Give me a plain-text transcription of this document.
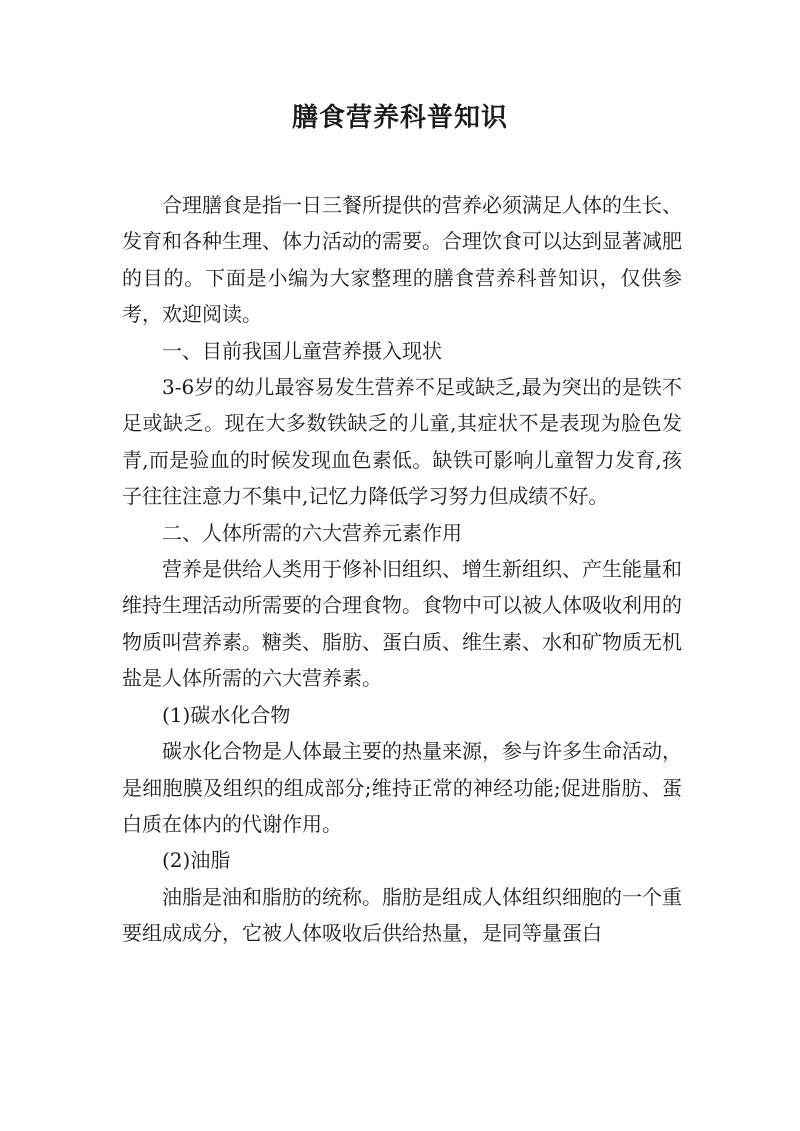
膳食营养科普知识

合理膳食是指一日三餐所提供的营养必须满足人体的生长、发育和各种生理、体力活动的需要。合理饮食可以达到显著减肥的目的。下面是小编为大家整理的膳食营养科普知识，仅供参考，欢迎阅读。

一、目前我国儿童营养摄入现状

3-6岁的幼儿最容易发生营养不足或缺乏,最为突出的是铁不足或缺乏。现在大多数铁缺乏的儿童,其症状不是表现为脸色发青,而是验血的时候发现血色素低。缺铁可影响儿童智力发育,孩子往往注意力不集中,记忆力降低学习努力但成绩不好。

二、人体所需的六大营养元素作用

营养是供给人类用于修补旧组织、增生新组织、产生能量和维持生理活动所需要的合理食物。食物中可以被人体吸收利用的物质叫营养素。糖类、脂肪、蛋白质、维生素、水和矿物质无机盐是人体所需的六大营养素。

(1)碳水化合物

碳水化合物是人体最主要的热量来源，参与许多生命活动，是细胞膜及组织的组成部分;维持正常的神经功能;促进脂肪、蛋白质在体内的代谢作用。

(2)油脂

油脂是油和脂肪的统称。脂肪是组成人体组织细胞的一个重要组成成分，它被人体吸收后供给热量，是同等量蛋白
